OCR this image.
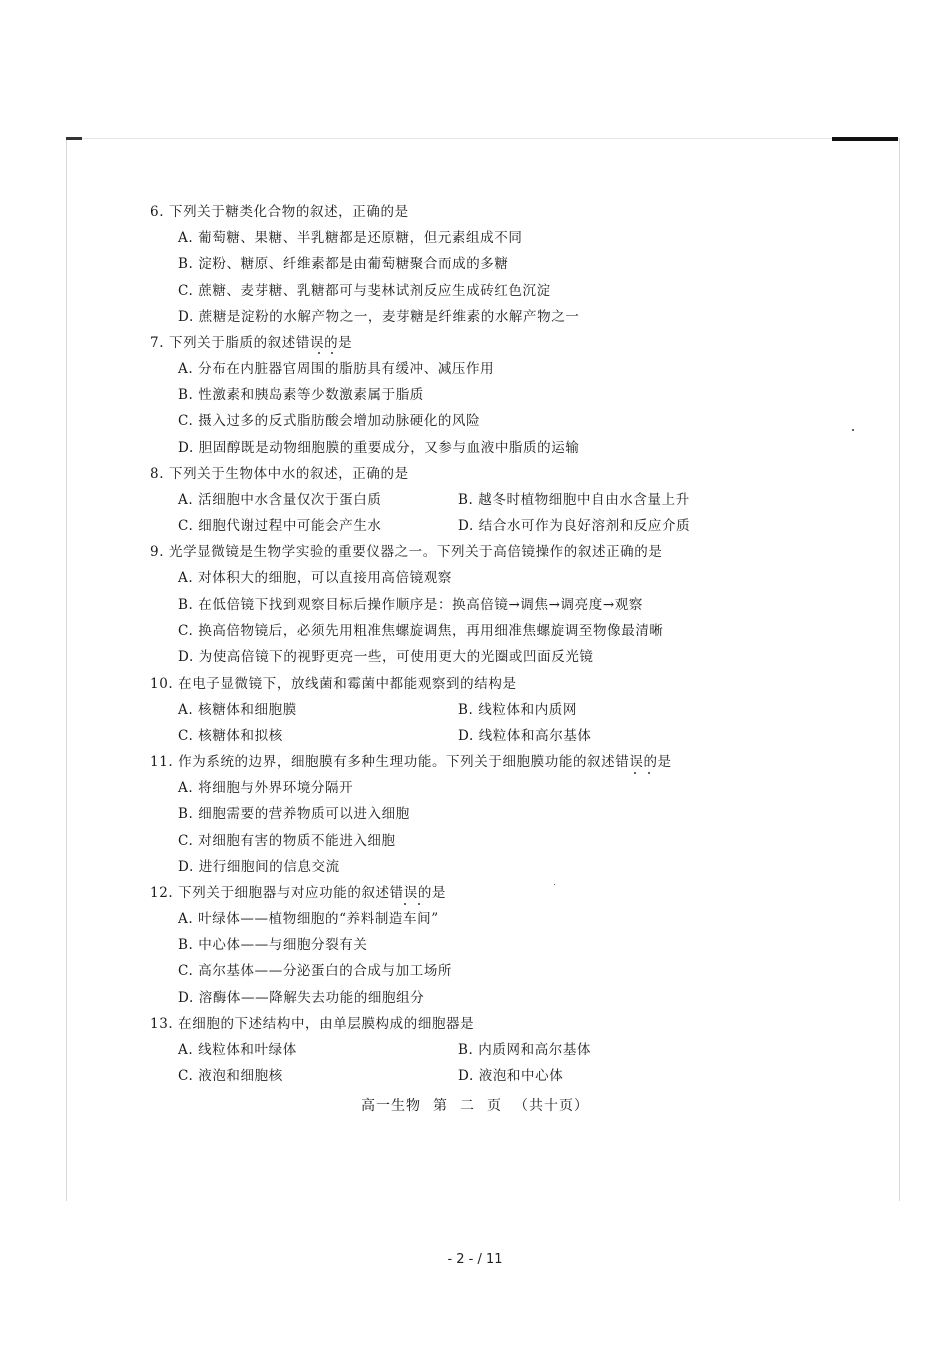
6. 下列关于糖类化合物的叙述，正确的是
A. 葡萄糖、果糖、半乳糖都是还原糖，但元素组成不同
B. 淀粉、糖原、纤维素都是由葡萄糖聚合而成的多糖
C. 蔗糖、麦芽糖、乳糖都可与斐林试剂反应生成砖红色沉淀
D. 蔗糖是淀粉的水解产物之一，麦芽糖是纤维素的水解产物之一
7. 下列关于脂质的叙述错误的是
A. 分布在内脏器官周围的脂肪具有缓冲、减压作用
B. 性激素和胰岛素等少数激素属于脂质
C. 摄入过多的反式脂肪酸会增加动脉硬化的风险
D. 胆固醇既是动物细胞膜的重要成分，又参与血液中脂质的运输
8. 下列关于生物体中水的叙述，正确的是
A. 活细胞中水含量仅次于蛋白质	B. 越冬时植物细胞中自由水含量上升
C. 细胞代谢过程中可能会产生水	D. 结合水可作为良好溶剂和反应介质
9. 光学显微镜是生物学实验的重要仪器之一。下列关于高倍镜操作的叙述正确的是
A. 对体积大的细胞，可以直接用高倍镜观察
B. 在低倍镜下找到观察目标后操作顺序是：换高倍镜→调焦→调亮度→观察
C. 换高倍物镜后，必须先用粗准焦螺旋调焦，再用细准焦螺旋调至物像最清晰
D. 为使高倍镜下的视野更亮一些，可使用更大的光圈或凹面反光镜
10. 在电子显微镜下，放线菌和霉菌中都能观察到的结构是
A. 核糖体和细胞膜	B. 线粒体和内质网
C. 核糖体和拟核	D. 线粒体和高尔基体
11. 作为系统的边界，细胞膜有多种生理功能。下列关于细胞膜功能的叙述错误的是
A. 将细胞与外界环境分隔开
B. 细胞需要的营养物质可以进入细胞
C. 对细胞有害的物质不能进入细胞
D. 进行细胞间的信息交流
12. 下列关于细胞器与对应功能的叙述错误的是
A. 叶绿体——植物细胞的“养料制造车间”
B. 中心体——与细胞分裂有关
C. 高尔基体——分泌蛋白的合成与加工场所
D. 溶酶体——降解失去功能的细胞组分
13. 在细胞的下述结构中，由单层膜构成的细胞器是
A. 线粒体和叶绿体	B. 内质网和高尔基体
C. 液泡和细胞核	D. 液泡和中心体
高一生物 第 二 页 （共十页）
- 2 - / 11
